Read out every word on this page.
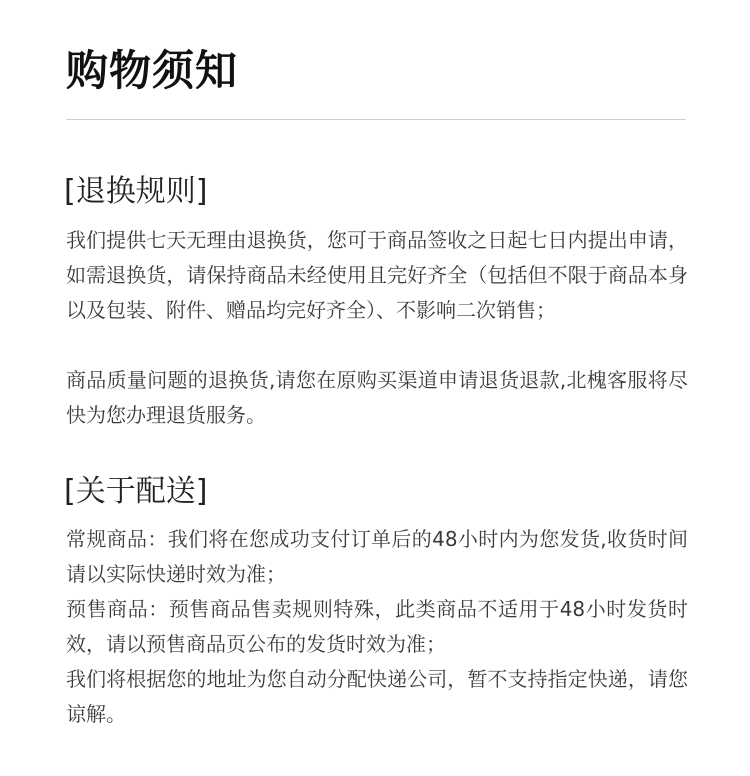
购物须知
[退换规则]

我们提供七天无理由退换货，您可于商品签收之日起七日内提出申请，如需退换货，请保持商品未经使用且完好齐全（包括但不限于商品本身以及包装、附件、赠品均完好齐全）、不影响二次销售；

商品质量问题的退换货,请您在原购买渠道申请退货退款,北槐客服将尽快为您办理退货服务。

[关于配送]

常规商品：我们将在您成功支付订单后的48小时内为您发货,收货时间请以实际快递时效为准；

预售商品：预售商品售卖规则特殊，此类商品不适用于48小时发货时效，请以预售商品页公布的发货时效为准；

我们将根据您的地址为您自动分配快递公司，暂不支持指定快递，请您谅解。
